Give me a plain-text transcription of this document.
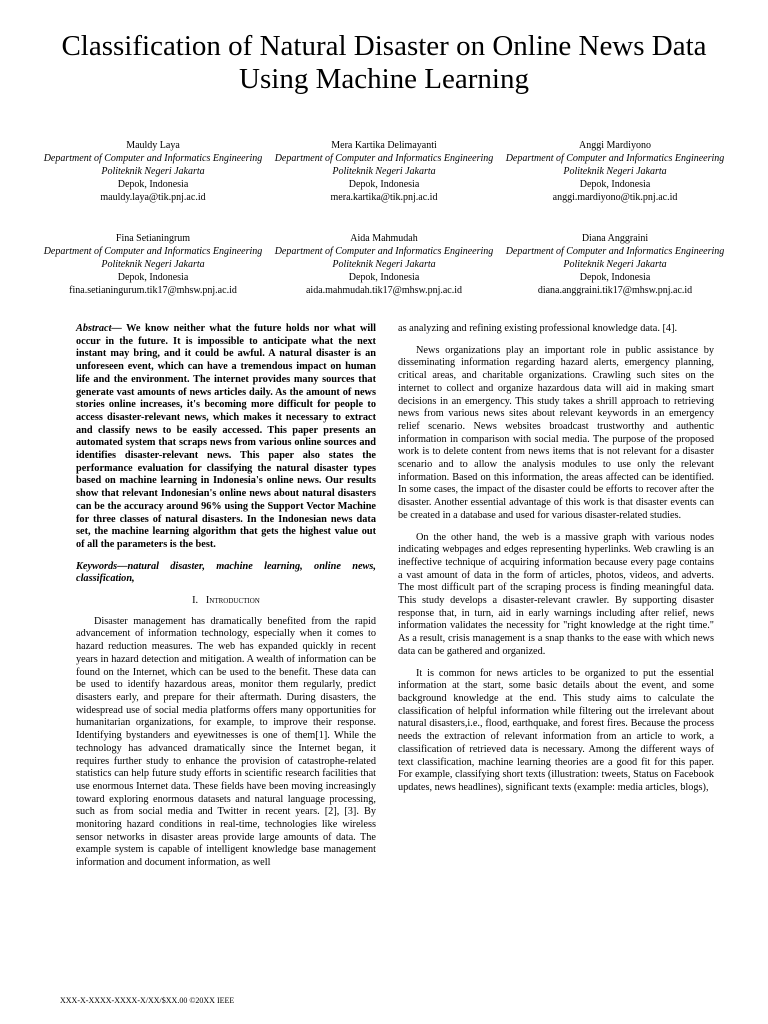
Classification of Natural Disaster on Online News Data Using Machine Learning
Mauldy Laya
Department of Computer and Informatics Engineering
Politeknik Negeri Jakarta
Depok, Indonesia
mauldy.laya@tik.pnj.ac.id
Mera Kartika Delimayanti
Department of Computer and Informatics Engineering
Politeknik Negeri Jakarta
Depok, Indonesia
mera.kartika@tik.pnj.ac.id
Anggi Mardiyono
Department of Computer and Informatics Engineering
Politeknik Negeri Jakarta
Depok, Indonesia
anggi.mardiyono@tik.pnj.ac.id
Fina Setianingrum
Department of Computer and Informatics Engineering
Politeknik Negeri Jakarta
Depok, Indonesia
fina.setianingurum.tik17@mhsw.pnj.ac.id
Aida Mahmudah
Department of Computer and Informatics Engineering
Politeknik Negeri Jakarta
Depok, Indonesia
aida.mahmudah.tik17@mhsw.pnj.ac.id
Diana Anggraini
Department of Computer and Informatics Engineering
Politeknik Negeri Jakarta
Depok, Indonesia
diana.anggraini.tik17@mhsw.pnj.ac.id

Abstract— We know neither what the future holds nor what will occur in the future. It is impossible to anticipate what the next instant may bring, and it could be awful. A natural disaster is an unforeseen event, which can have a tremendous impact on human life and the environment. The internet provides many sources that generate vast amounts of news articles daily. As the amount of news stories online increases, it's becoming more difficult for people to access disaster-relevant news, which makes it necessary to extract and classify news to be easily accessed. This paper presents an automated system that scraps news from various online sources and identifies disaster-relevant news. This paper also states the performance evaluation for classifying the natural disaster types based on machine learning in Indonesia's online news. Our results show that relevant Indonesian's online news about natural disasters can be the accuracy around 96% using the Support Vector Machine for three classes of natural disasters. In the Indonesian news data set, the machine learning algorithm that gets the highest value out of all the parameters is the best.

Keywords—natural disaster, machine learning, online news, classification,

I. Introduction

Disaster management has dramatically benefited from the rapid advancement of information technology, especially when it comes to hazard reduction measures. The web has expanded quickly in recent years in hazard detection and mitigation. A wealth of information can be found on the Internet, which can be used to the benefit. These data can be used to identify hazardous areas, monitor them regularly, predict disasters early, and prepare for their aftermath. During disasters, the widespread use of social media platforms offers many opportunities for humanitarian organizations, for example, to improve their response. Identifying bystanders and eyewitnesses is one of them[1]. While the technology has advanced dramatically since the Internet began, it requires further study to enhance the provision of catastrophe-related statistics can help future study efforts in scientific research facilities that use enormous Internet data. These fields have been moving increasingly toward exploring enormous datasets and natural language processing, such as from social media and Twitter in recent years. [2], [3]. By monitoring hazard conditions in real-time, technologies like wireless sensor networks in disaster areas provide large amounts of data. The example system is capable of intelligent knowledge base management information and document information, as well

as analyzing and refining existing professional knowledge data. [4].

News organizations play an important role in public assistance by disseminating information regarding hazard alerts, emergency planning, critical areas, and charitable organizations. Crawling such sites on the internet to collect and organize hazardous data will aid in making smart decisions in an emergency. This study takes a shrill approach to retrieving news from various news sites about relevant keywords in an emergency relief scenario. News websites broadcast trustworthy and authentic information in comparison with social media. The purpose of the proposed work is to delete content from news items that is not relevant for a disaster scenario and to allow the analysis modules to use only the relevant information. Based on this information, the areas affected can be identified. In some cases, the impact of the disaster could be efforts to recover after the disaster. Another essential advantage of this work is that disaster events can be created in a database and used for various disaster-related studies.

On the other hand, the web is a massive graph with various nodes indicating webpages and edges representing hyperlinks. Web crawling is an ineffective technique of acquiring information because every page contains a vast amount of data in the form of articles, photos, videos, and adverts. The most difficult part of the scraping process is finding meaningful data. This study develops a disaster-relevant crawler. By supporting disaster response that, in turn, aid in early warnings including after relief, news information validates the necessity for "right knowledge at the right time." As a result, crisis management is a snap thanks to the ease with which news data can be gathered and organized.

It is common for news articles to be organized to put the essential information at the start, some basic details about the event, and some background knowledge at the end. This study aims to calculate the classification of helpful information while filtering out the irrelevant about natural disasters,i.e., flood, earthquake, and forest fires. Because the process needs the extraction of relevant information from an article to work, a classification of retrieved data is necessary. Among the different ways of text classification, machine learning theories are a good fit for this paper. For example, classifying short texts (illustration: tweets, Status on Facebook updates, news headlines), significant texts (example: media articles, blogs),

XXX-X-XXXX-XXXX-X/XX/$XX.00 ©20XX IEEE
